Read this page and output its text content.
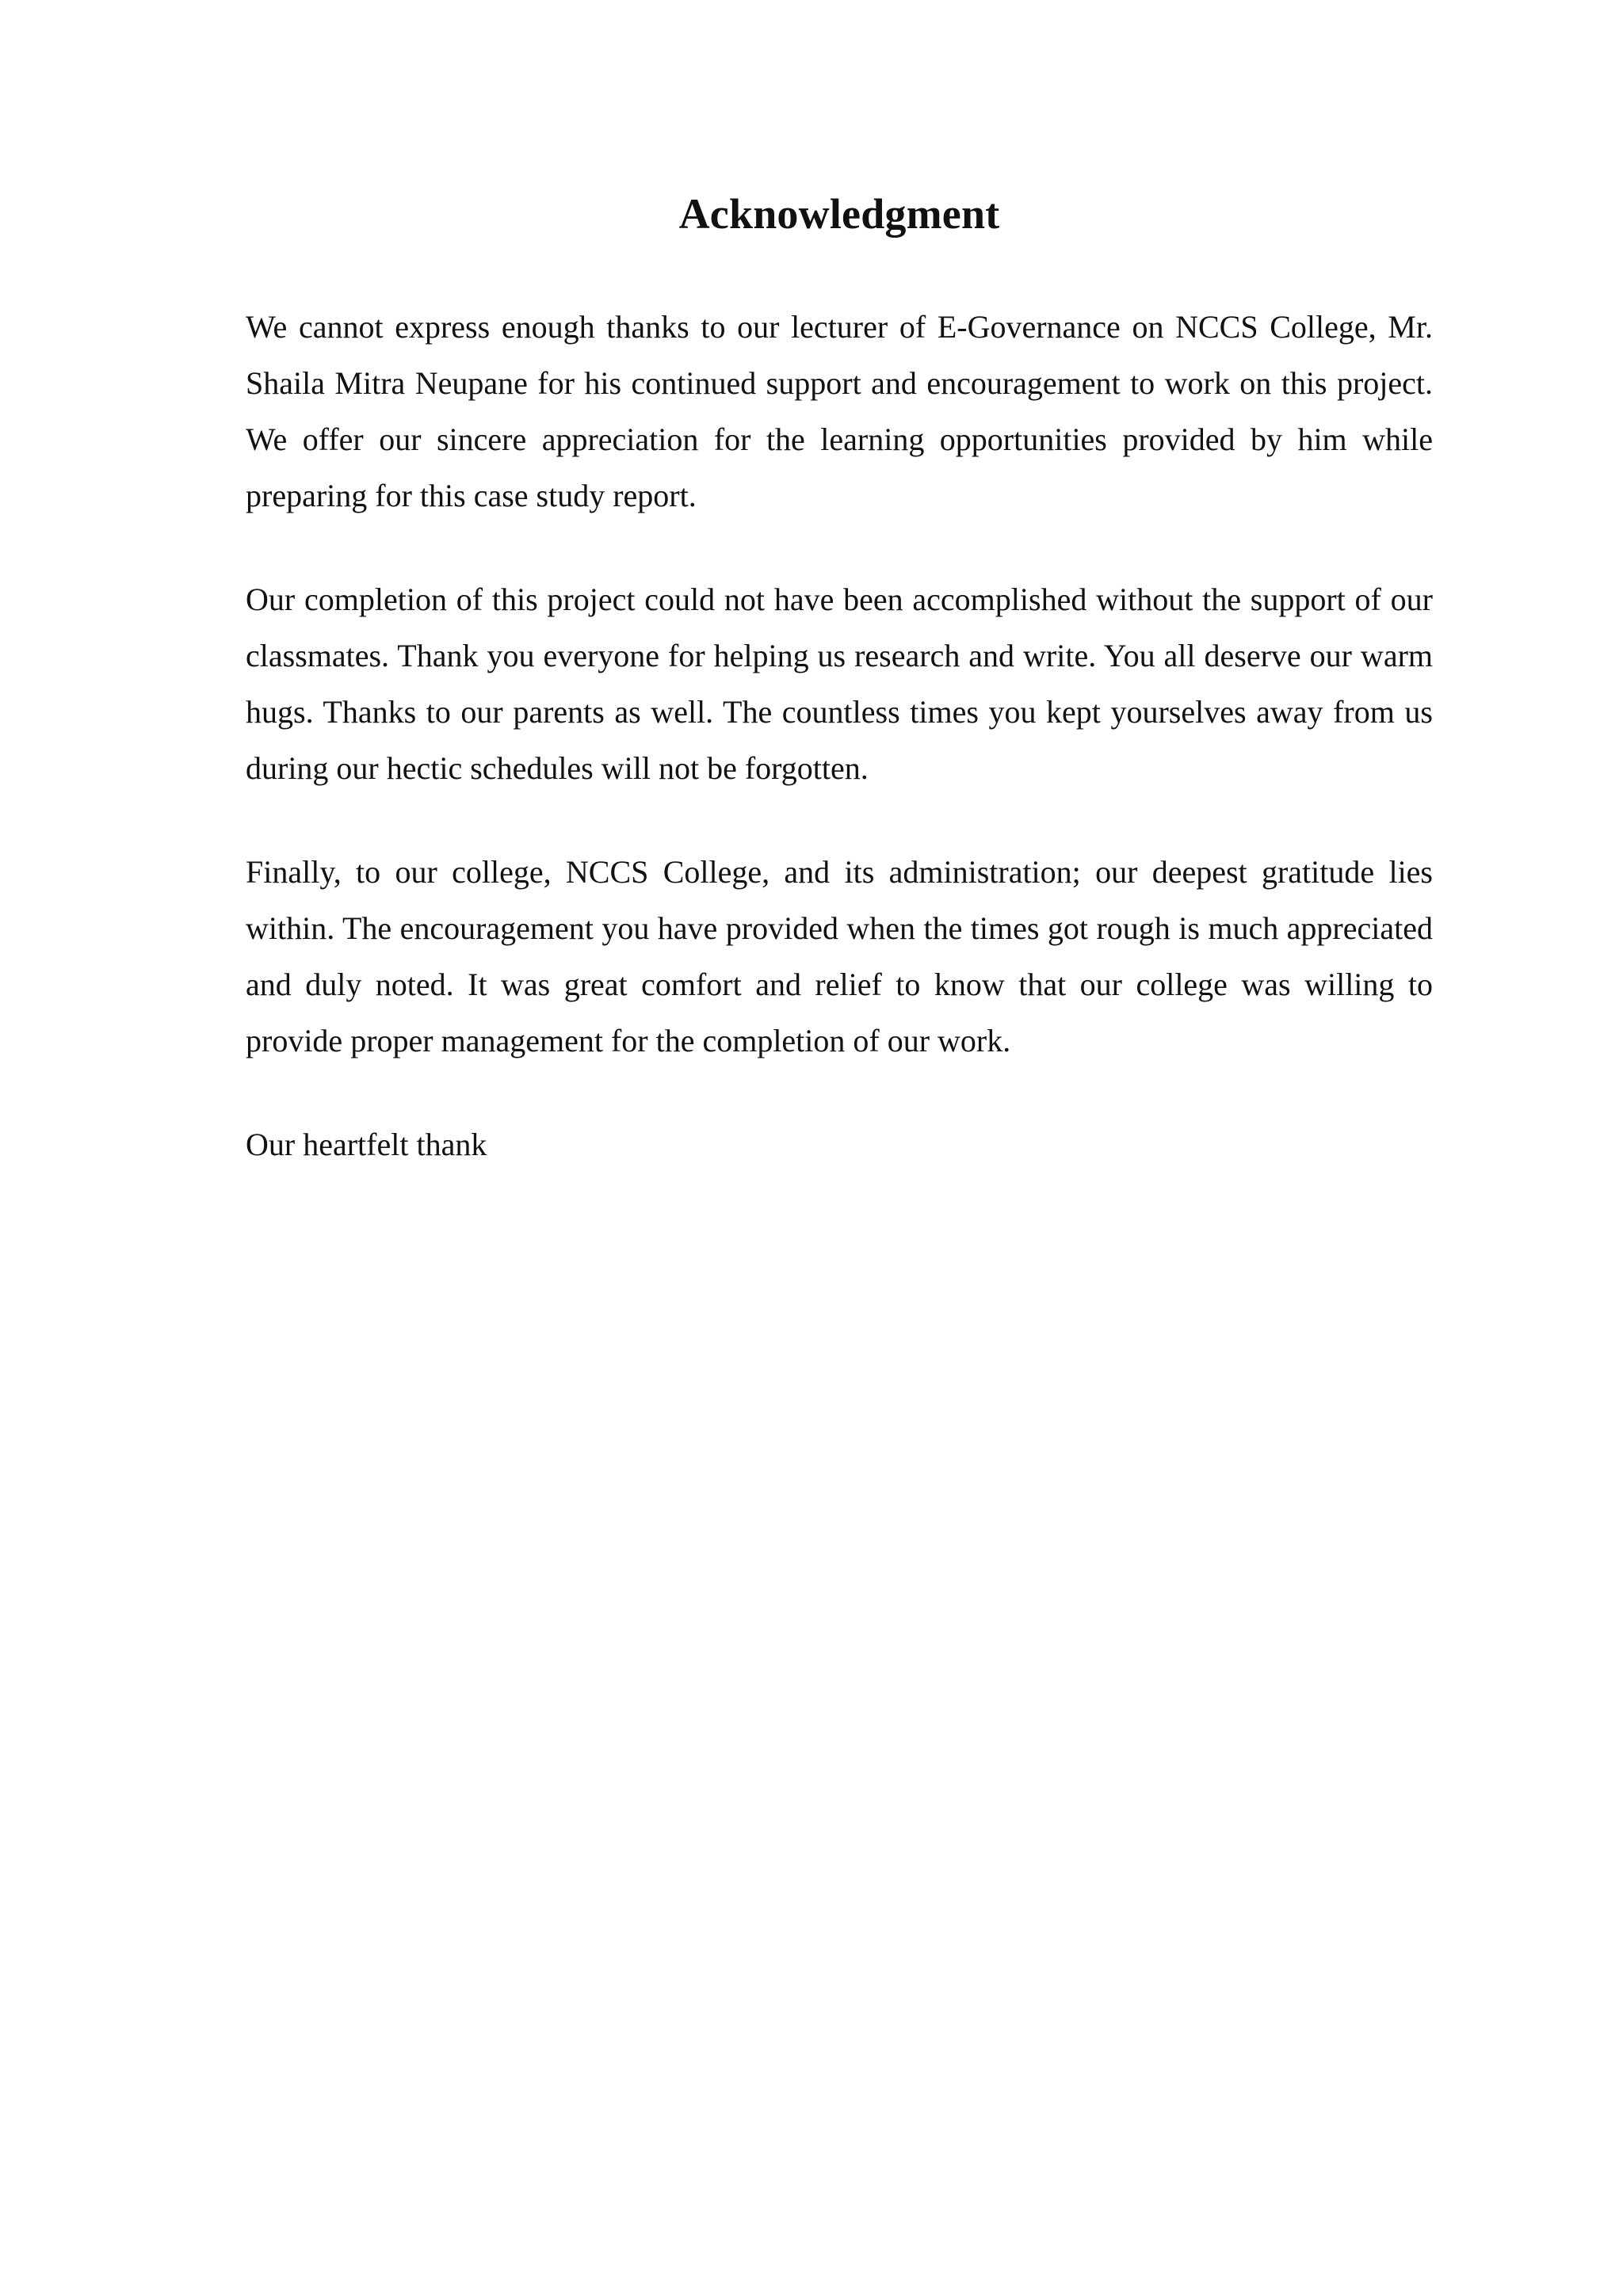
Acknowledgment

We cannot express enough thanks to our lecturer of E-Governance on NCCS College, Mr. Shaila Mitra Neupane for his continued support and encouragement to work on this project. We offer our sincere appreciation for the learning opportunities provided by him while preparing for this case study report.

Our completion of this project could not have been accomplished without the support of our classmates. Thank you everyone for helping us research and write. You all deserve our warm hugs. Thanks to our parents as well. The countless times you kept yourselves away from us during our hectic schedules will not be forgotten.

Finally, to our college, NCCS College, and its administration; our deepest gratitude lies within. The encouragement you have provided when the times got rough is much appreciated and duly noted. It was great comfort and relief to know that our college was willing to provide proper management for the completion of our work.

Our heartfelt thank
